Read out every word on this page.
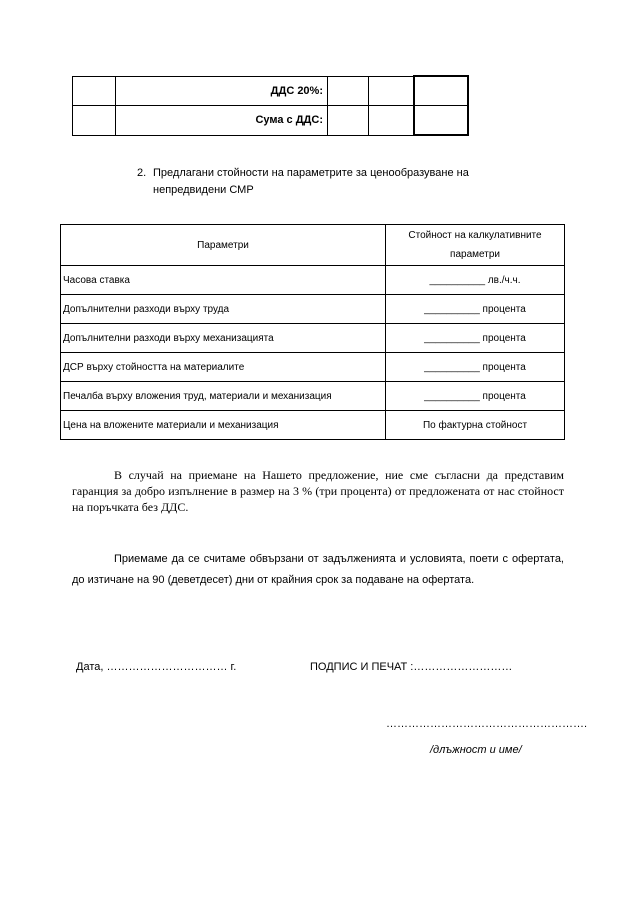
	ДДС 20%:			
	Сума с ДДС:			
2. Предлагани стойности на параметрите за ценообразуване на непредвидени СМР
Параметри	Стойност на калкулативните параметри
Часова ставка	__________ лв./ч.ч.
Допълнителни разходи върху труда	__________ процента
Допълнителни разходи върху механизацията	__________ процента
ДСР върху стойността на материалите	__________ процента
Печалба върху вложения труд, материали и механизация	__________ процента
Цена на вложените материали и механизация	По фактурна стойност
В случай на приемане на Нашето предложение, ние сме съгласни да представим гаранция за добро изпълнение в размер на 3 % (три процента) от предложената от нас стойност на поръчката без ДДС.
Приемаме да се считаме обвързани от задълженията и условията, поети с офертата, до изтичане на 90 (деветдесет) дни от крайния срок за подаване на офертата.
Дата, …………………………… г.	ПОДПИС И ПЕЧАТ :………………………
……………………………………………….
/длъжност и име/
